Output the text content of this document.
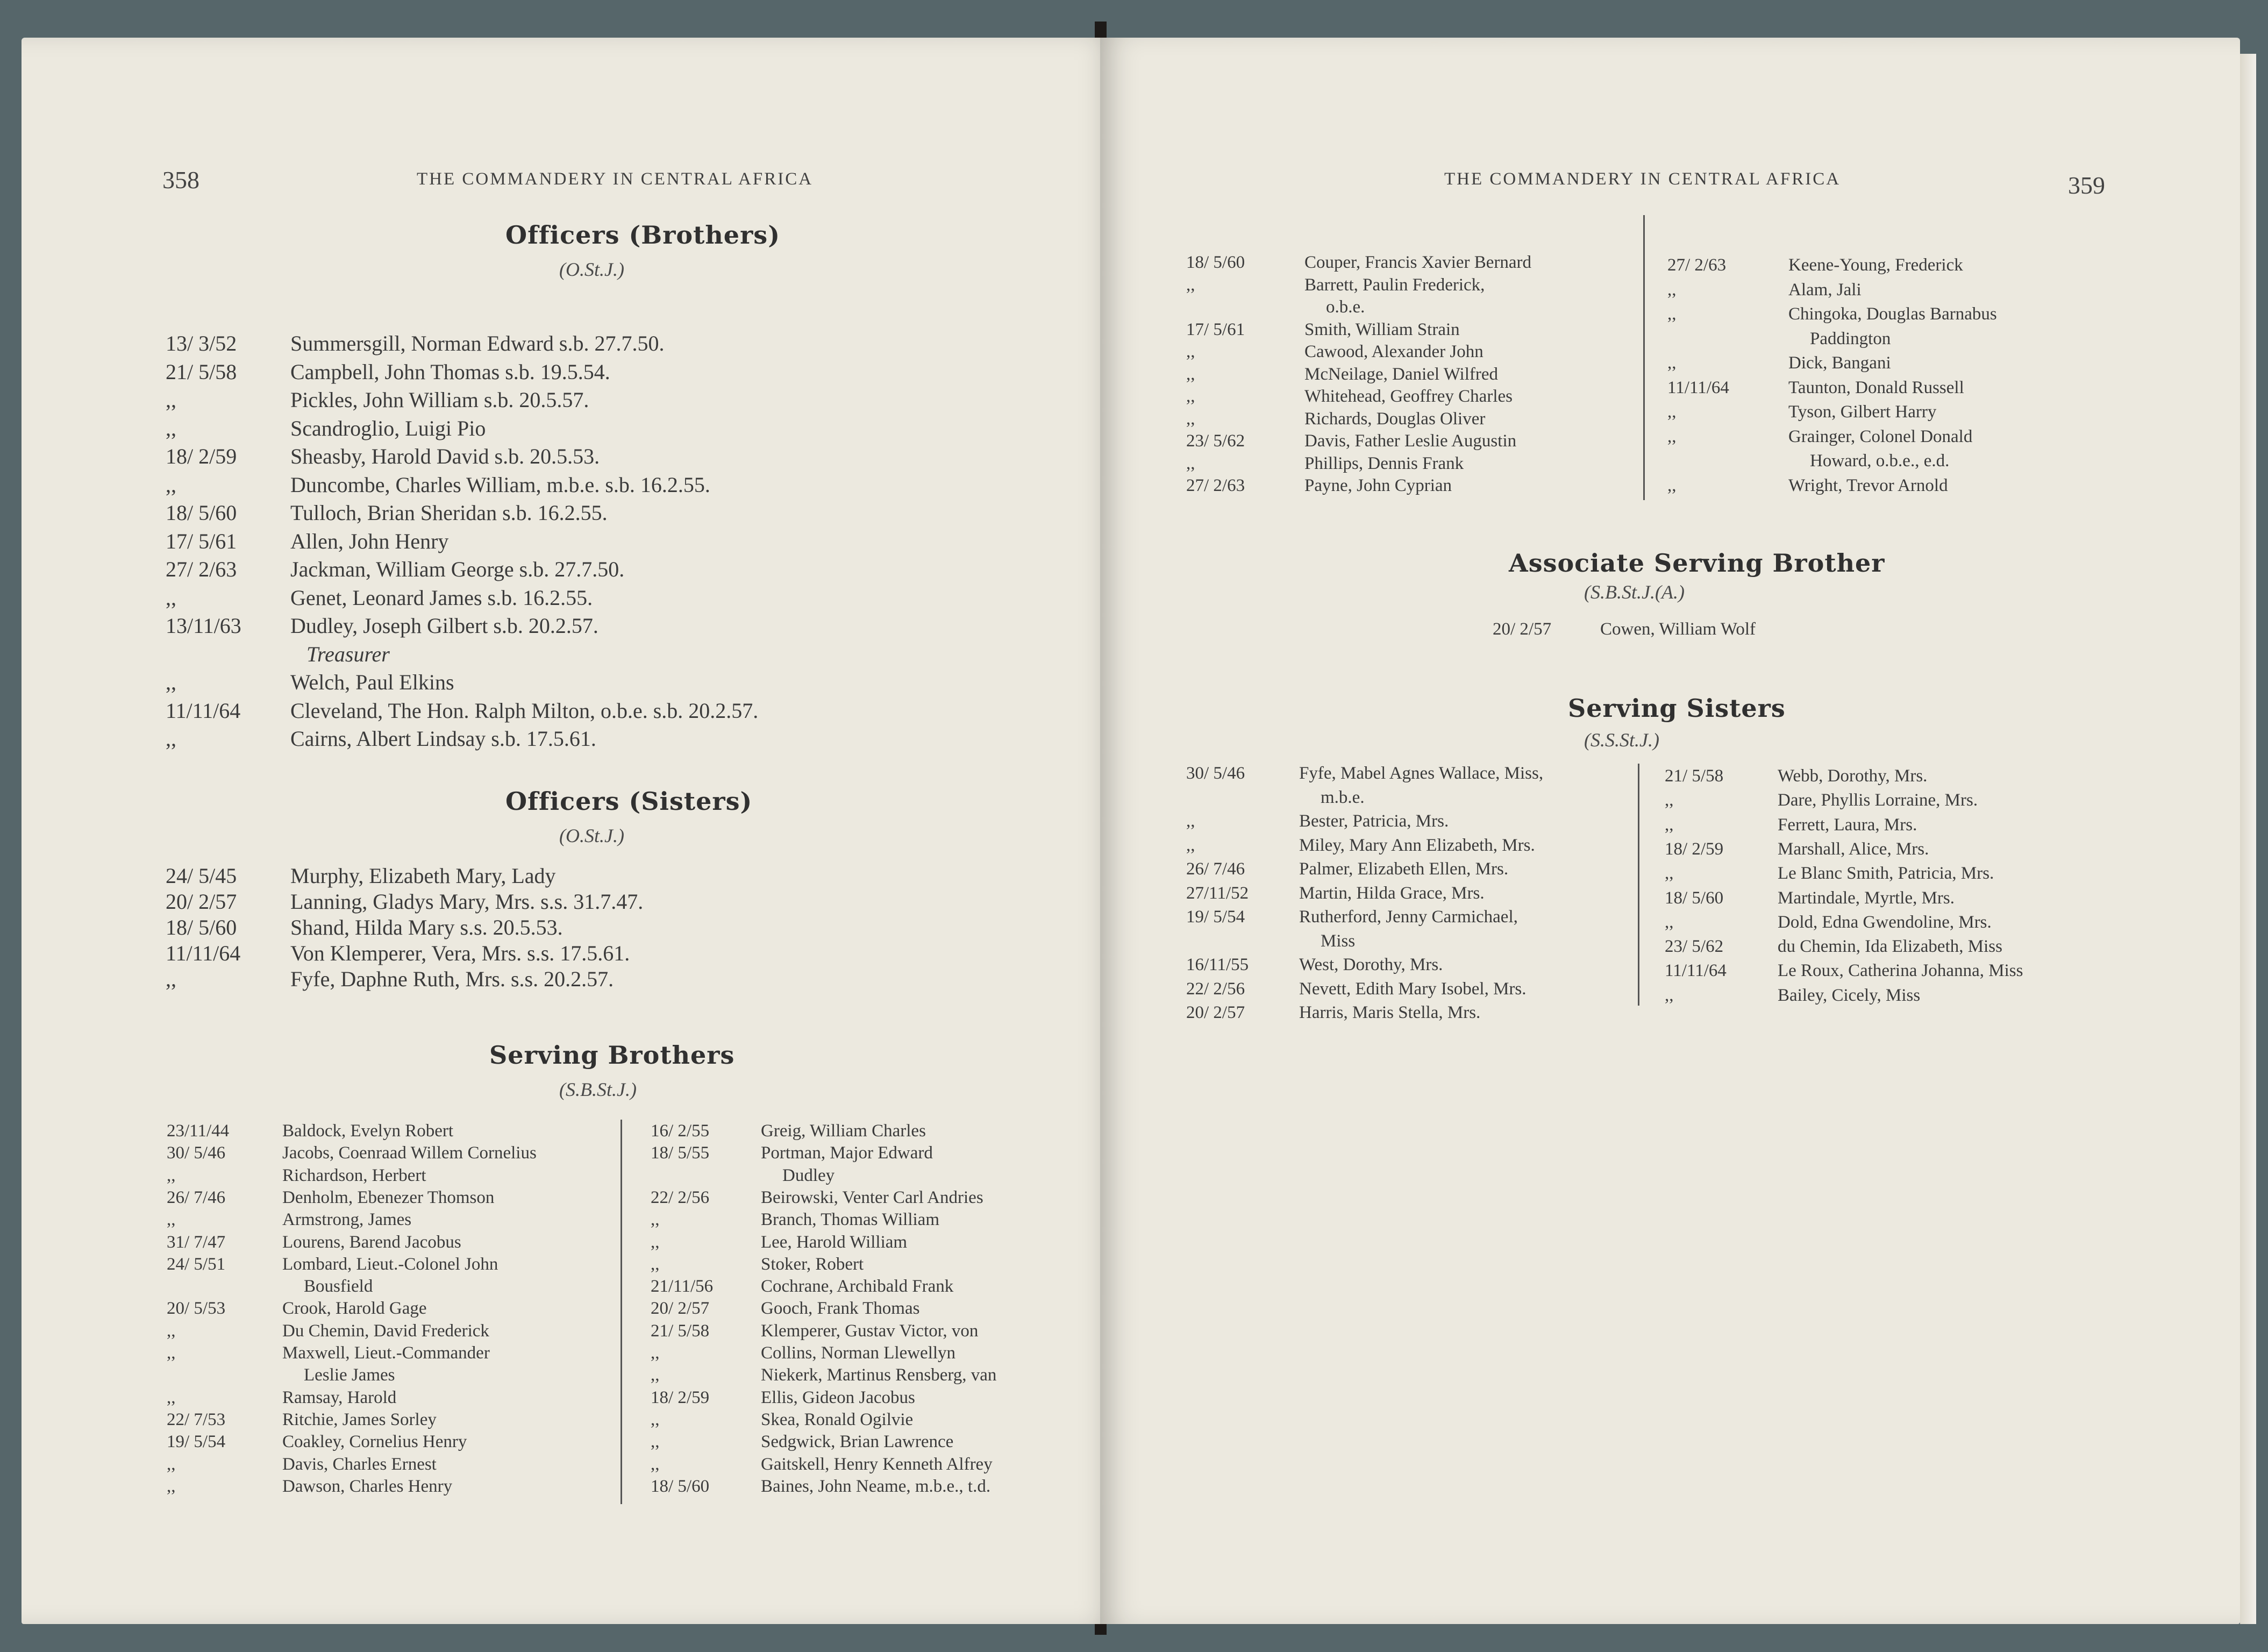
358	THE COMMANDERY IN CENTRAL AFRICA
Officers (Brothers)
(O.St.J.)
13/ 3/52 Summersgill, Norman Edward s.b. 27.7.50.
21/ 5/58 Campbell, John Thomas s.b. 19.5.54.
,,	Pickles, John William s.b. 20.5.57.
,,	Scandroglio, Luigi Pio
18/ 2/59 Sheasby, Harold David s.b. 20.5.53.
,,	Duncombe, Charles William, m.b.e. s.b. 16.2.55.
18/ 5/60 Tulloch, Brian Sheridan s.b. 16.2.55.
17/ 5/61 Allen, John Henry
27/ 2/63 Jackman, William George s.b. 27.7.50.
,,	Genet, Leonard James s.b. 16.2.55.
13/11/63 Dudley, Joseph Gilbert s.b. 20.2.57.
Treasurer
,,	Welch, Paul Elkins
11/11/64 Cleveland, The Hon. Ralph Milton, o.b.e. s.b. 20.2.57.
,,	Cairns, Albert Lindsay s.b. 17.5.61.
Officers (Sisters)
(O.St.J.)
24/ 5/45 Murphy, Elizabeth Mary, Lady
20/ 2/57 Lanning, Gladys Mary, Mrs. s.s. 31.7.47.
18/ 5/60 Shand, Hilda Mary s.s. 20.5.53.
11/11/64 Von Klemperer, Vera, Mrs. s.s. 17.5.61.
,,	Fyfe, Daphne Ruth, Mrs. s.s. 20.2.57.
Serving Brothers
(S.B.St.J.)
23/11/44	Baldock, Evelyn Robert
30/ 5/46	Jacobs, Coenraad Willem Cornelius
,,	Richardson, Herbert
26/ 7/46	Denholm, Ebenezer Thomson
,,	Armstrong, James
31/ 7/47	Lourens, Barend Jacobus
24/ 5/51	Lombard, Lieut.-Colonel John
Bousfield
20/ 5/53	Crook, Harold Gage
,,	Du Chemin, David Frederick
,,	Maxwell, Lieut.-Commander
Leslie James
,,	Ramsay, Harold
22/ 7/53	Ritchie, James Sorley
19/ 5/54	Coakley, Cornelius Henry
,,	Davis, Charles Ernest
,,	Dawson, Charles Henry
16/ 2/55	Greig, William Charles
18/ 5/55	Portman, Major Edward
Dudley
22/ 2/56	Beirowski, Venter Carl Andries
,,	Branch, Thomas William
,,	Lee, Harold William
,,	Stoker, Robert
21/11/56	Cochrane, Archibald Frank
20/ 2/57	Gooch, Frank Thomas
21/ 5/58	Klemperer, Gustav Victor, von
,,	Collins, Norman Llewellyn
,,	Niekerk, Martinus Rensberg, van
18/ 2/59	Ellis, Gideon Jacobus
,,	Skea, Ronald Ogilvie
,,	Sedgwick, Brian Lawrence
,,	Gaitskell, Henry Kenneth Alfrey
18/ 5/60	Baines, John Neame, m.b.e., t.d.
THE COMMANDERY IN CENTRAL AFRICA	359
18/ 5/60	Couper, Francis Xavier Bernard
,,	Barrett, Paulin Frederick,
o.b.e.
17/ 5/61	Smith, William Strain
,,	Cawood, Alexander John
,,	McNeilage, Daniel Wilfred
,,	Whitehead, Geoffrey Charles
,,	Richards, Douglas Oliver
23/ 5/62	Davis, Father Leslie Augustin
,,	Phillips, Dennis Frank
27/ 2/63	Payne, John Cyprian
27/ 2/63	Keene-Young, Frederick
,,	Alam, Jali
,,	Chingoka, Douglas Barnabus
Paddington
,,	Dick, Bangani
11/11/64	Taunton, Donald Russell
,,	Tyson, Gilbert Harry
,,	Grainger, Colonel Donald
Howard, o.b.e., e.d.
,,	Wright, Trevor Arnold
Associate Serving Brother
(S.B.St.J.(A.)
20/ 2/57	Cowen, William Wolf
Serving Sisters
(S.S.St.J.)
30/ 5/46	Fyfe, Mabel Agnes Wallace, Miss,
m.b.e.
,,	Bester, Patricia, Mrs.
,,	Miley, Mary Ann Elizabeth, Mrs.
26/ 7/46	Palmer, Elizabeth Ellen, Mrs.
27/11/52	Martin, Hilda Grace, Mrs.
19/ 5/54	Rutherford, Jenny Carmichael,
Miss
16/11/55	West, Dorothy, Mrs.
22/ 2/56	Nevett, Edith Mary Isobel, Mrs.
20/ 2/57	Harris, Maris Stella, Mrs.
21/ 5/58	Webb, Dorothy, Mrs.
,,	Dare, Phyllis Lorraine, Mrs.
,,	Ferrett, Laura, Mrs.
18/ 2/59	Marshall, Alice, Mrs.
,,	Le Blanc Smith, Patricia, Mrs.
18/ 5/60	Martindale, Myrtle, Mrs.
,,	Dold, Edna Gwendoline, Mrs.
23/ 5/62	du Chemin, Ida Elizabeth, Miss
11/11/64	Le Roux, Catherina Johanna, Miss
,,	Bailey, Cicely, Miss
